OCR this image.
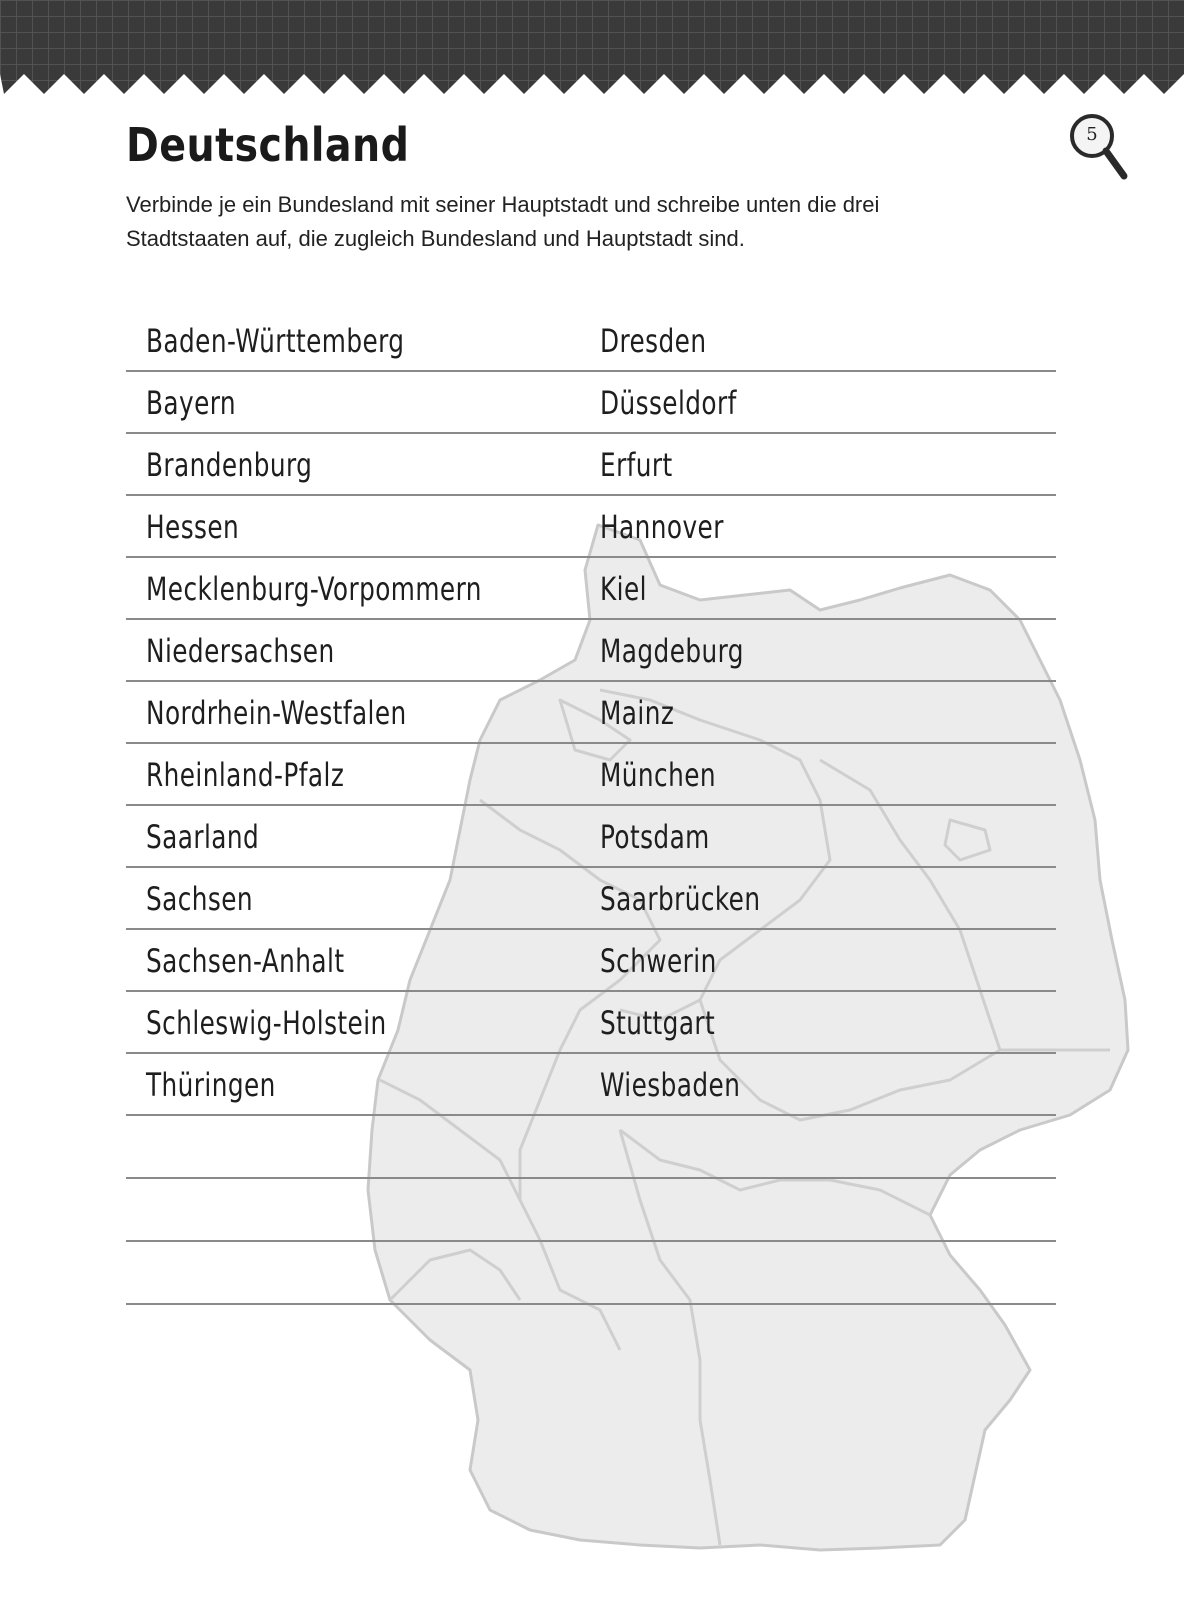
Deutschland	5

Verbinde je ein Bundesland mit seiner Hauptstadt und schreibe unten die drei Stadtstaaten auf, die zugleich Bundesland und Hauptstadt sind.

Baden-Württemberg	Dresden
Bayern	Düsseldorf
Brandenburg	Erfurt
Hessen	Hannover
Mecklenburg-Vorpommern	Kiel
Niedersachsen	Magdeburg
Nordrhein-Westfalen	Mainz
Rheinland-Pfalz	München
Saarland	Potsdam
Sachsen	Saarbrücken
Sachsen-Anhalt	Schwerin
Schleswig-Holstein	Stuttgart
Thüringen	Wiesbaden
